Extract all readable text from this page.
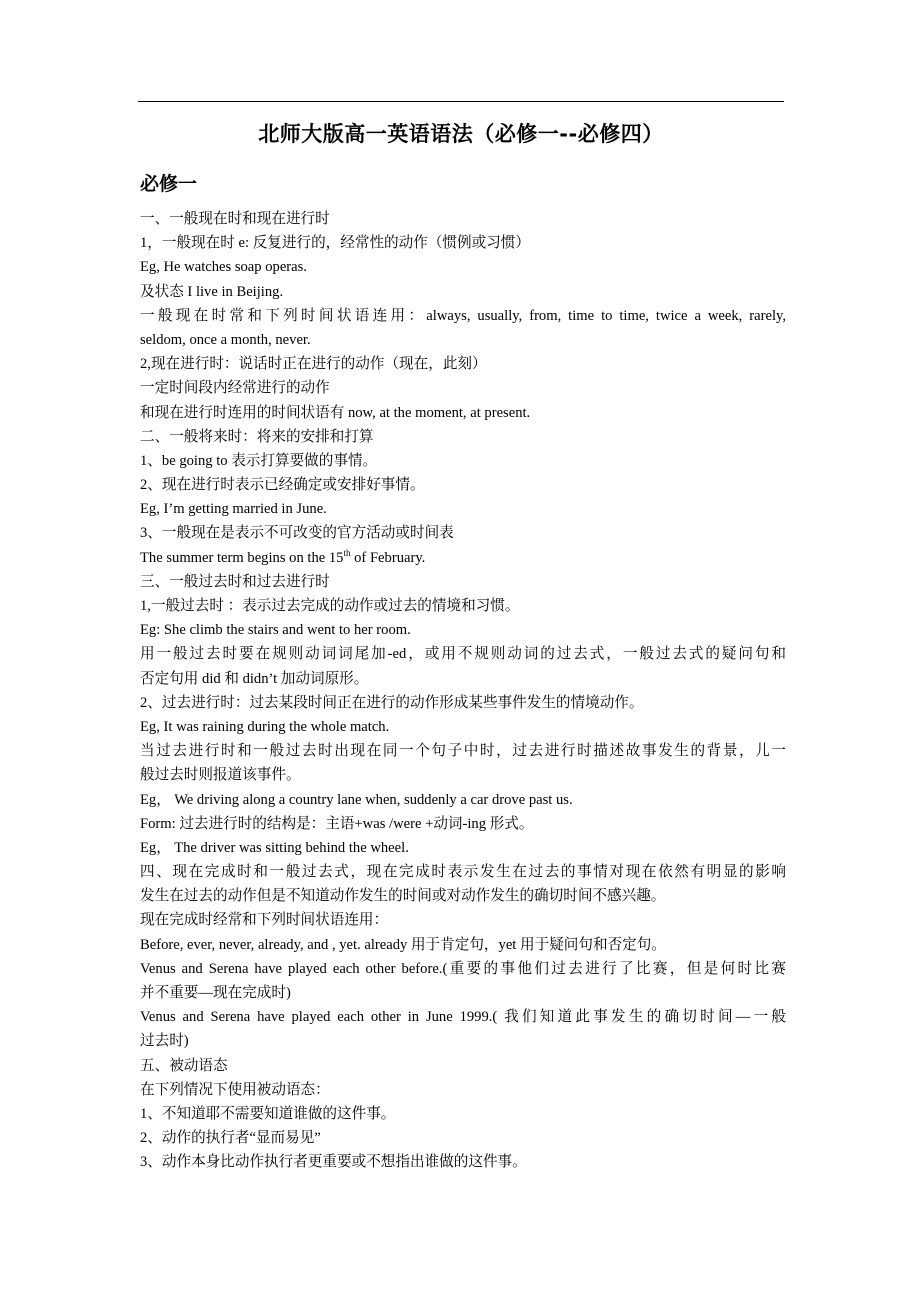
北师大版高一英语语法（必修一--必修四）
必修一
一、一般现在时和现在进行时
1，一般现在时 e: 反复进行的，经常性的动作（惯例或习惯）
Eg, He watches soap operas.
及状态 I live in Beijing.
一般现在时常和下列时间状语连用：always, usually, from, time to time, twice a week, rarely,
seldom, once a month, never.
2,现在进行时：说话时正在进行的动作（现在，此刻）
一定时间段内经常进行的动作
和现在进行时连用的时间状语有 now, at the moment, at present.
二、一般将来时：将来的安排和打算
1、be going to 表示打算要做的事情。
2、现在进行时表示已经确定或安排好事情。
Eg, I’m getting married in June.
3、一般现在是表示不可改变的官方活动或时间表
The summer term begins on the 15th of February.
三、一般过去时和过去进行时
1,一般过去时 ：表示过去完成的动作或过去的情境和习惯。
Eg: She climb the stairs and went to her room.
用一般过去时要在规则动词词尾加-ed，或用不规则动词的过去式，一般过去式的疑问句和
否定句用 did 和 didn’t 加动词原形。
2、过去进行时：过去某段时间正在进行的动作形成某些事件发生的情境动作。
Eg, It was raining during the whole match.
当过去进行时和一般过去时出现在同一个句子中时，过去进行时描述故事发生的背景，儿一
般过去时则报道该事件。
Eg， We driving along a country lane when, suddenly a car drove past us.
Form: 过去进行时的结构是：主语+was /were +动词-ing 形式。
Eg， The driver was sitting behind the wheel.
四、现在完成时和一般过去式，现在完成时表示发生在过去的事情对现在依然有明显的影响
发生在过去的动作但是不知道动作发生的时间或对动作发生的确切时间不感兴趣。
现在完成时经常和下列时间状语连用：
Before, ever, never, already, and , yet. already 用于肯定句，yet 用于疑问句和否定句。
Venus and Serena have played each other before.(重要的事他们过去进行了比赛，但是何时比赛
并不重要—现在完成时)
Venus and Serena have played each other in June 1999.( 我们知道此事发生的确切时间—一般
过去时)
五、被动语态
在下列情况下使用被动语态：
1、不知道耶不需要知道谁做的这件事。
2、动作的执行者“显而易见”
3、动作本身比动作执行者更重要或不想指出谁做的这件事。
